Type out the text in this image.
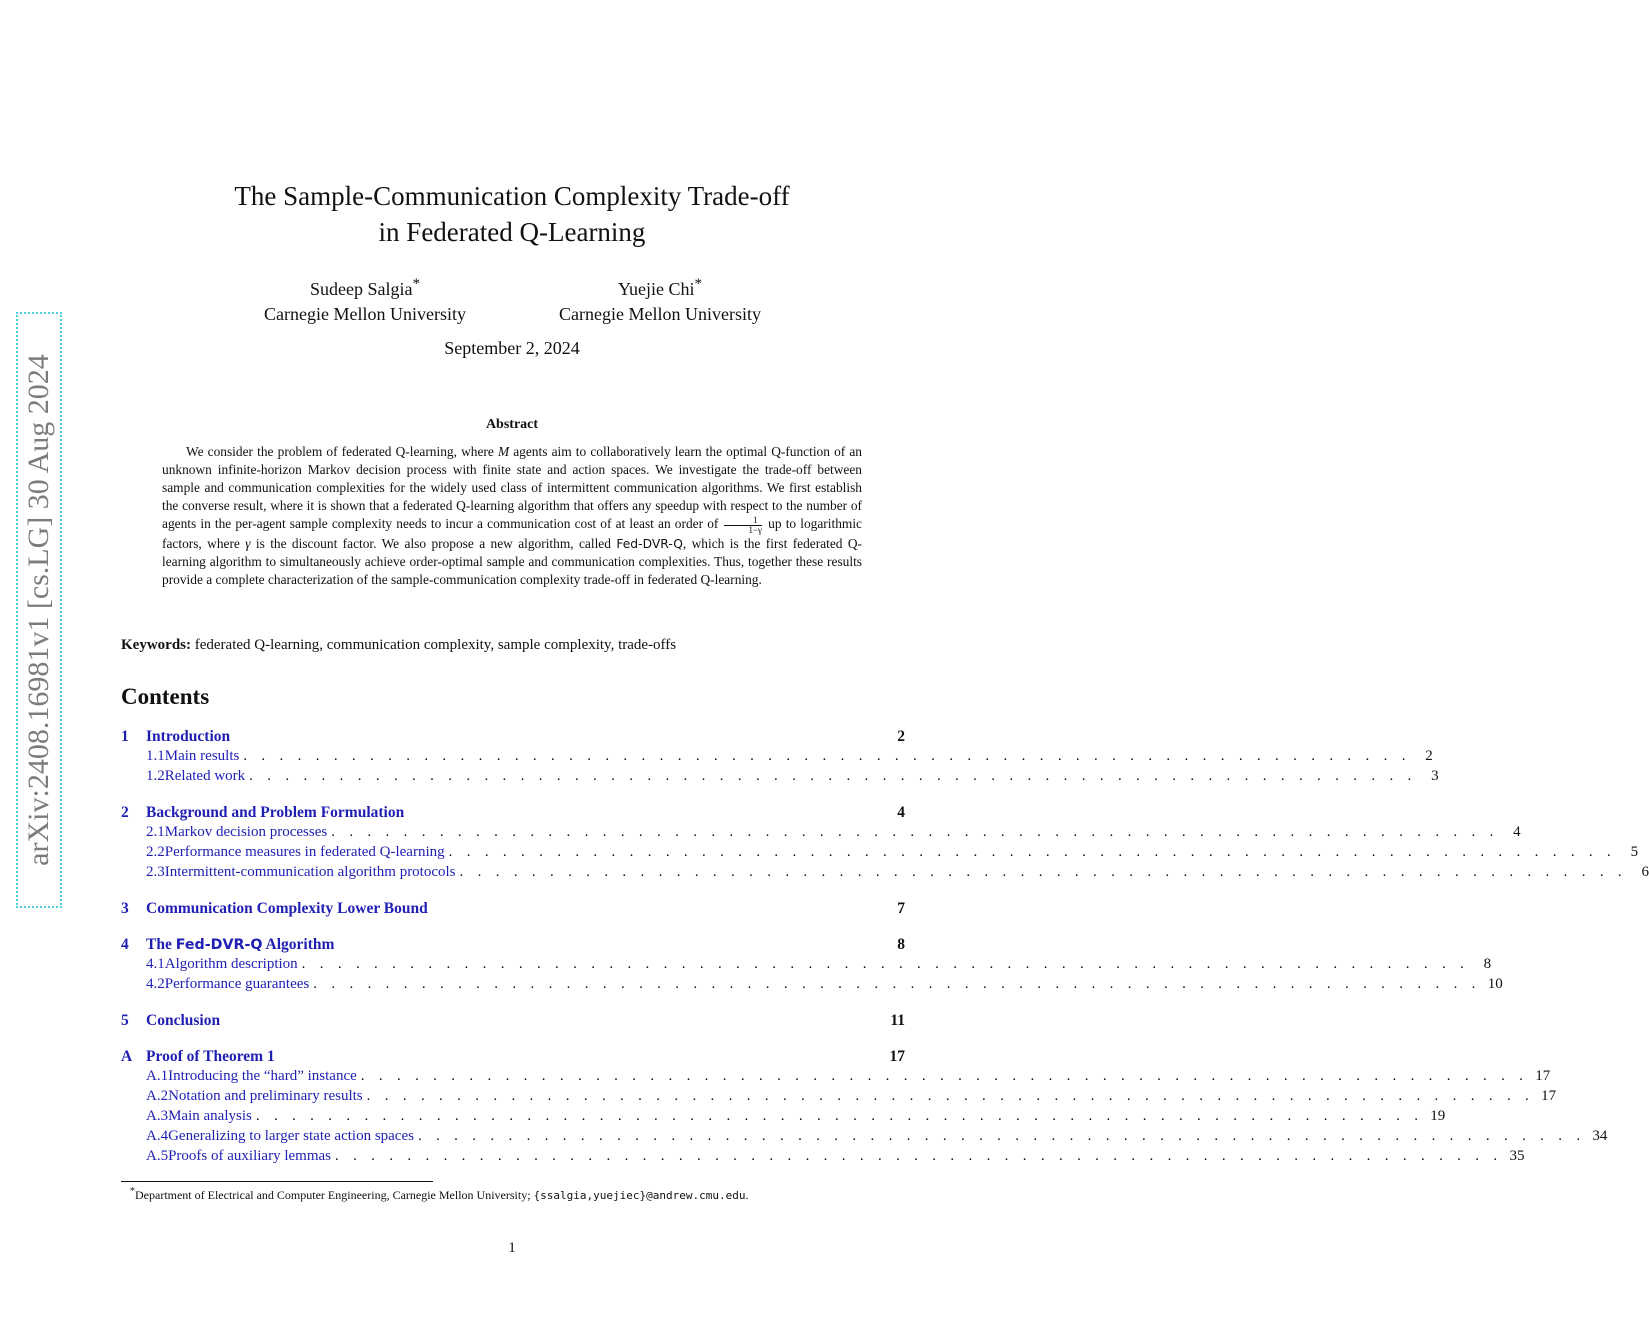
arXiv:2408.16981v1 [cs.LG] 30 Aug 2024
The Sample-Communication Complexity Trade-off
in Federated Q-Learning
Sudeep Salgia*
Carnegie Mellon University
Yuejie Chi*
Carnegie Mellon University
September 2, 2024
Abstract
We consider the problem of federated Q-learning, where M agents aim to collaboratively learn the optimal Q-function of an unknown infinite-horizon Markov decision process with finite state and action spaces. We investigate the trade-off between sample and communication complexities for the widely used class of intermittent communication algorithms. We first establish the converse result, where it is shown that a federated Q-learning algorithm that offers any speedup with respect to the number of agents in the per-agent sample complexity needs to incur a communication cost of at least an order of $\frac{1}{1-\gamma}$ up to logarithmic factors, where γ is the discount factor. We also propose a new algorithm, called Fed-DVR-Q, which is the first federated Q-learning algorithm to simultaneously achieve order-optimal sample and communication complexities. Thus, together these results provide a complete characterization of the sample-communication complexity trade-off in federated Q-learning.
Keywords: federated Q-learning, communication complexity, sample complexity, trade-offs
Contents
1	Introduction	2
1.1 Main results . . . . . . . . . . . . . . . . . . . . . . . . . . . . . . . . . . . . . . . . . . . . . . . . . . . . . . . . . . . . . . . . . 2
1.2 Related work . . . . . . . . . . . . . . . . . . . . . . . . . . . . . . . . . . . . . . . . . . . . . . . . . . . . . . . . . . . . . . . . . 3
2	Background and Problem Formulation	4
2.1 Markov decision processes . . . . . . . . . . . . . . . . . . . . . . . . . . . . . . . . . . . . . . . . . . . . . . . . . . . . . . . . . . . . . . . . . 4
2.2 Performance measures in federated Q-learning . . . . . . . . . . . . . . . . . . . . . . . . . . . . . . . . . . . . . . . . . . . . . . . . . . . . . . . . . . . . . . . . . 5
2.3 Intermittent-communication algorithm protocols . . . . . . . . . . . . . . . . . . . . . . . . . . . . . . . . . . . . . . . . . . . . . . . . . . . . . . . . . . . . . . . . . 6
3	Communication Complexity Lower Bound	7
4	The Fed-DVR-Q Algorithm	8
4.1 Algorithm description . . . . . . . . . . . . . . . . . . . . . . . . . . . . . . . . . . . . . . . . . . . . . . . . . . . . . . . . . . . . . . . . . 8
4.2 Performance guarantees . . . . . . . . . . . . . . . . . . . . . . . . . . . . . . . . . . . . . . . . . . . . . . . . . . . . . . . . . . . . . . . . . 10
5	Conclusion	11
A Proof of Theorem 1	17
A.1 Introducing the “hard” instance . . . . . . . . . . . . . . . . . . . . . . . . . . . . . . . . . . . . . . . . . . . . . . . . . . . . . . . . . . . . . . . . . 17
A.2 Notation and preliminary results . . . . . . . . . . . . . . . . . . . . . . . . . . . . . . . . . . . . . . . . . . . . . . . . . . . . . . . . . . . . . . . . . 17
A.3 Main analysis . . . . . . . . . . . . . . . . . . . . . . . . . . . . . . . . . . . . . . . . . . . . . . . . . . . . . . . . . . . . . . . . . 19
A.4 Generalizing to larger state action spaces . . . . . . . . . . . . . . . . . . . . . . . . . . . . . . . . . . . . . . . . . . . . . . . . . . . . . . . . . . . . . . . . . 34
A.5 Proofs of auxiliary lemmas . . . . . . . . . . . . . . . . . . . . . . . . . . . . . . . . . . . . . . . . . . . . . . . . . . . . . . . . . . . . . . . . . 35
*Department of Electrical and Computer Engineering, Carnegie Mellon University; {ssalgia,yuejiec}@andrew.cmu.edu.
1
